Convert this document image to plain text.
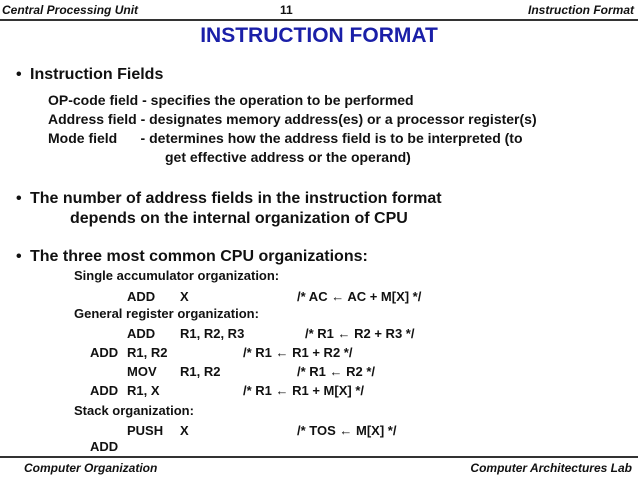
Central Processing Unit	11	Instruction Format
INSTRUCTION FORMAT
• Instruction Fields
OP-code field - specifies the operation to be performed
Address field - designates memory address(es) or a processor register(s)
Mode field      - determines how the address field is to be interpreted (to
get effective address or the operand)
• The number of address fields in the instruction format
depends on the internal organization of CPU
• The three most common CPU organizations:
Single accumulator organization:
ADD X	/* AC ← AC + M[X] */
General register organization:
ADD R1, R2, R3	/* R1 ← R2 + R3 */
ADD R1, R2	/* R1 ← R1 + R2 */
MOV R1, R2	/* R1 ← R2 */
ADD R1, X	/* R1 ← R1 + M[X] */
Stack organization:
PUSH X	/* TOS ← M[X] */
ADD
Computer Organization	Computer Architectures Lab
